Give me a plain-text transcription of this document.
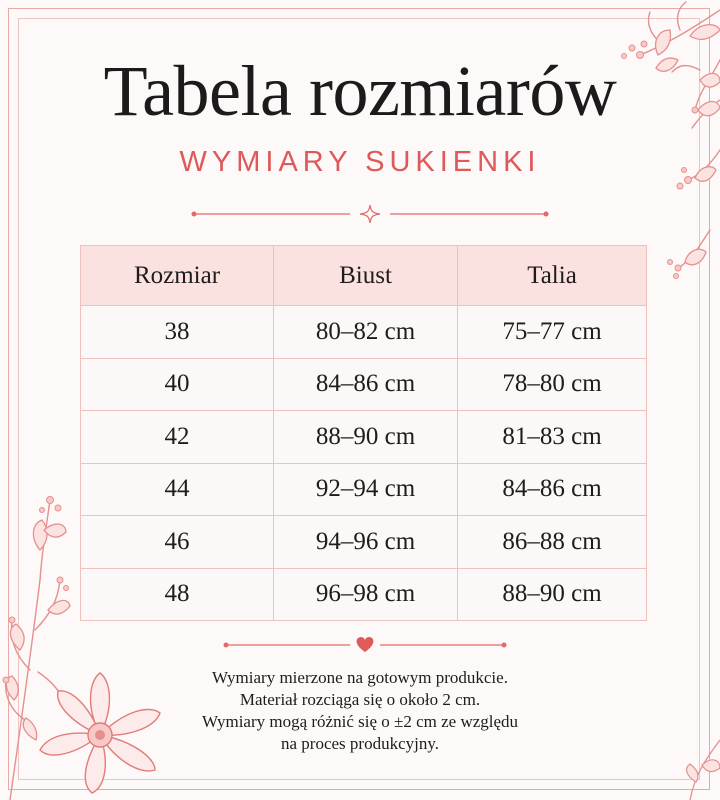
Tabela rozmiarów
WYMIARY SUKIENKI
Rozmiar	Biust	Talia
38	80–82 cm	75–77 cm
40	84–86 cm	78–80 cm
42	88–90 cm	81–83 cm
44	92–94 cm	84–86 cm
46	94–96 cm	86–88 cm
48	96–98 cm	88–90 cm
Wymiary mierzone na gotowym produkcie.
Materiał rozciąga się o około 2 cm.
Wymiary mogą różnić się o ±2 cm ze względu
na proces produkcyjny.
